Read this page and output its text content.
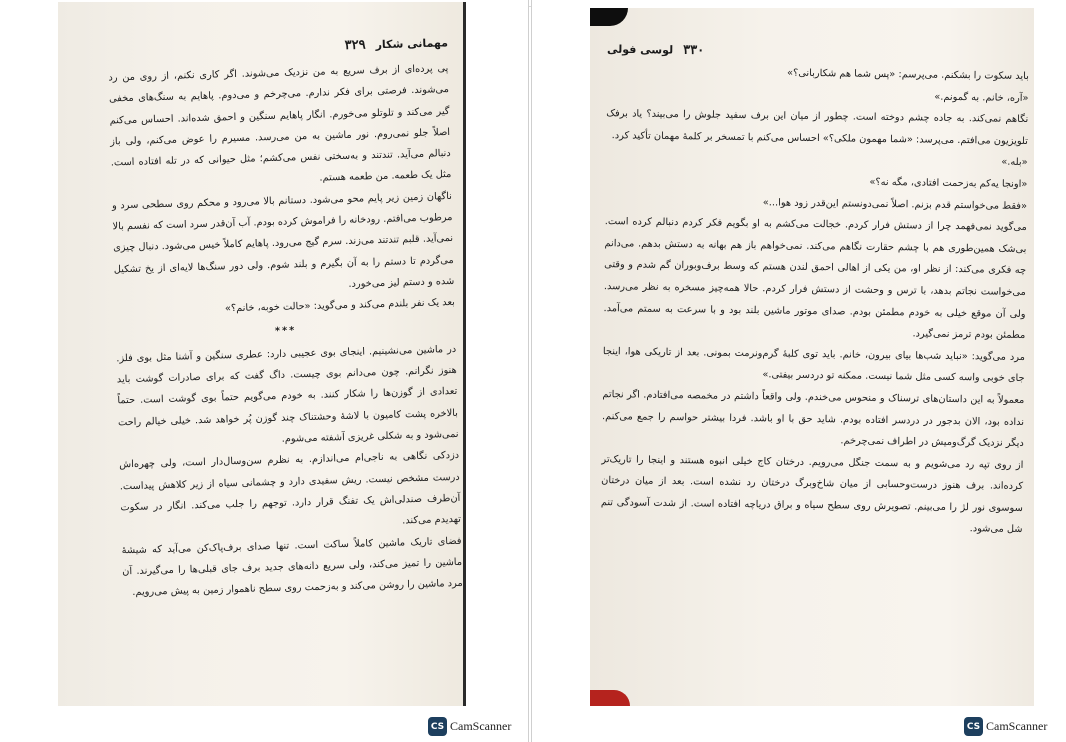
CS CamScanner
مهمانی شکار
۳۲۹

پی پرده‌ای از برف سریع به من نزدیک می‌شوند. اگر کاری نکنم، از روی من رد می‌شوند. فرصتی برای فکر ندارم. می‌چرخم و می‌دوم. پاهایم به سنگ‌های مخفی گیر می‌کند و تلوتلو می‌خورم. انگار پاهایم سنگین و احمق شده‌اند. احساس می‌کنم اصلاً جلو نمی‌روم. نور ماشین به من می‌رسد. مسیرم را عوض می‌کنم، ولی باز دنبالم می‌آید. تندتند و به‌سختی نفس می‌کشم؛ مثل حیوانی که در تله افتاده است. مثل یک طعمه. من طعمه هستم.

ناگهان زمین زیر پایم محو می‌شود. دستانم بالا می‌رود و محکم روی سطحی سرد و مرطوب می‌افتم. رودخانه را فراموش کرده بودم. آب آن‌قدر سرد است که نفسم بالا نمی‌آید. قلبم تندتند می‌زند. سرم گیج می‌رود. پاهایم کاملاً خیس می‌شود. دنبال چیزی می‌گردم تا دستم را به آن بگیرم و بلند شوم. ولی دور سنگ‌ها لایه‌ای از یخ تشکیل شده و دستم لیز می‌خورد.

بعد یک نفر بلندم می‌کند و می‌گوید: «حالت خوبه، خانم؟»

***

در ماشین می‌نشینیم. اینجای بوی عجیبی دارد: عطری سنگین و آشنا مثل بوی فلز. هنوز نگرانم. چون می‌دانم بوی چیست. داگ گفت که برای صادرات گوشت باید تعدادی از گوزن‌ها را شکار کنند. به خودم می‌گویم حتماً بوی گوشت است. حتماً بالاخره پشت کامیون با لاشهٔ وحشتناک چند گوزن پُر خواهد شد. خیلی خیالم راحت نمی‌شود و به شکلی غریزی آشفته می‌شوم.

دزدکی نگاهی به ناجی‌ام می‌اندازم. به نظرم سن‌وسال‌دار است، ولی چهره‌اش درست مشخص نیست. ریش سفیدی دارد و چشمانی سیاه از زیر کلاهش پیداست. آن‌طرف صندلی‌اش یک تفنگ قرار دارد. توجهم را جلب می‌کند. انگار در سکوت تهدیدم می‌کند.

فضای تاریک ماشین کاملاً ساکت است. تنها صدای برف‌پاک‌کن می‌آید که شیشهٔ ماشین را تمیز می‌کند، ولی سریع دانه‌های جدید برف جای قبلی‌ها را می‌گیرند. آن مرد ماشین را روشن می‌کند و به‌زحمت روی سطح ناهموار زمین به پیش می‌رویم.

CS CamScanner
۳۳۰
لوسی فولی

باید سکوت را بشکنم. می‌پرسم: «پس شما هم شکاربانی؟»

«آره، خانم. به گمونم.»

نگاهم نمی‌کند. به جاده چشم دوخته است. چطور از میان این برف سفید جلوش را می‌بیند؟ یاد برفک تلویزیون می‌افتم. می‌پرسد: «شما مهمون ملکی؟» احساس می‌کنم با تمسخر بر کلمهٔ مهمان تأکید کرد.

«بله.»

«اونجا یه‌کم به‌زحمت افتادی، مگه نه؟»

«فقط می‌خواستم قدم بزنم. اصلاً نمی‌دونستم این‌قدر زود هوا...»

می‌گوید نمی‌فهمد چرا از دستش فرار کردم. خجالت می‌کشم به او بگویم فکر کردم دنبالم کرده است. بی‌شک همین‌طوری هم با چشم حقارت نگاهم می‌کند. نمی‌خواهم باز هم بهانه به دستش بدهم. می‌دانم چه فکری می‌کند: از نظر او، من یکی از اهالی احمق لندن هستم که وسط برف‌وبوران گم شدم و وقتی می‌خواست نجاتم بدهد، با ترس و وحشت از دستش فرار کردم. حالا همه‌چیز مسخره به نظر می‌رسد. ولی آن موقع خیلی به خودم مطمئن بودم. صدای موتور ماشین بلند بود و با سرعت به سمتم می‌آمد. مطمئن بودم ترمز نمی‌گیرد.

مرد می‌گوید: «نباید شب‌ها بیای بیرون، خانم. باید توی کلبهٔ گرم‌ونرمت بمونی. بعد از تاریکی هوا، اینجا جای خوبی واسه کسی مثل شما نیست. ممکنه تو دردسر بیفتی.»

معمولاً به این داستان‌های ترسناک و منحوس می‌خندم. ولی واقعاً داشتم در مخمصه می‌افتادم. اگر نجاتم نداده بود، الان بدجور در دردسر افتاده بودم. شاید حق با او باشد. فردا بیشتر حواسم را جمع می‌کنم. دیگر نزدیک گرگ‌ومیش در اطراف نمی‌چرخم.

از روی تپه رد می‌شویم و به سمت جنگل می‌رویم. درختان کاج خیلی انبوه هستند و اینجا را تاریک‌تر کرده‌اند. برف هنوز درست‌وحسابی از میان شاخ‌وبرگ درختان رد نشده است. بعد از میان درختان سوسوی نور لژ را می‌بینم. تصویرش روی سطح سیاه و براق دریاچه افتاده است. از شدت آسودگی تنم شل می‌شود.
